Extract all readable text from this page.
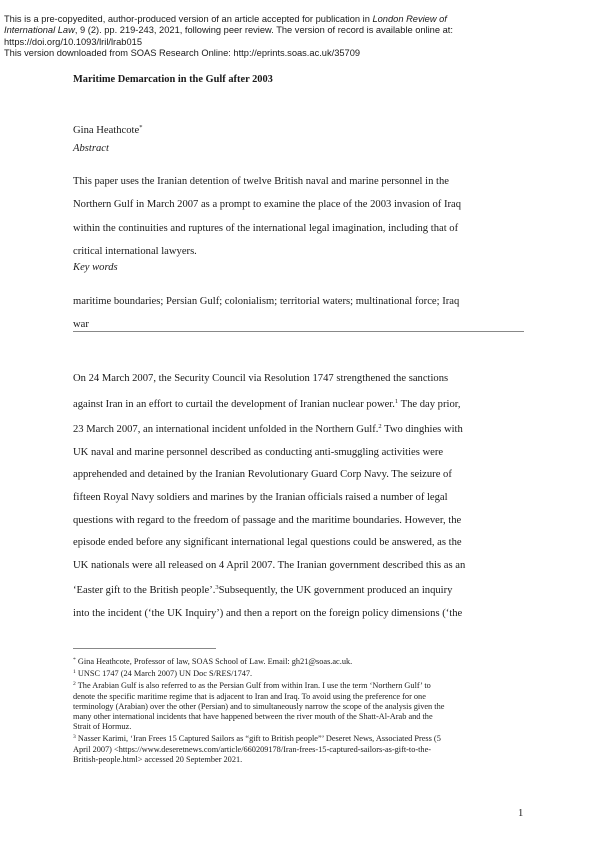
This is a pre-copyedited, author-produced version of an article accepted for publication in London Review of
International Law, 9 (2). pp. 219-243, 2021, following peer review. The version of record is available online at:
https://doi.org/10.1093/lril/lrab015
This version downloaded from SOAS Research Online: http://eprints.soas.ac.uk/35709
Maritime Demarcation in the Gulf after 2003
Gina Heathcote*
Abstract
This paper uses the Iranian detention of twelve British naval and marine personnel in the
Northern Gulf in March 2007 as a prompt to examine the place of the 2003 invasion of Iraq
within the continuities and ruptures of the international legal imagination, including that of
critical international lawyers.
Key words
maritime boundaries; Persian Gulf; colonialism; territorial waters; multinational force; Iraq
war
On 24 March 2007, the Security Council via Resolution 1747 strengthened the sanctions
against Iran in an effort to curtail the development of Iranian nuclear power.$^1$ The day prior,
23 March 2007, an international incident unfolded in the Northern Gulf.$^2$ Two dinghies with
UK naval and marine personnel described as conducting anti-smuggling activities were
apprehended and detained by the Iranian Revolutionary Guard Corp Navy. The seizure of
fifteen Royal Navy soldiers and marines by the Iranian officials raised a number of legal
questions with regard to the freedom of passage and the maritime boundaries. However, the
episode ended before any significant international legal questions could be answered, as the
UK nationals were all released on 4 April 2007. The Iranian government described this as an
‘Easter gift to the British people’.$^3$Subsequently, the UK government produced an inquiry
into the incident (‘the UK Inquiry’) and then a report on the foreign policy dimensions (‘the
* Gina Heathcote, Professor of law, SOAS School of Law. Email: gh21@soas.ac.uk.
$^1$ UNSC 1747 (24 March 2007) UN Doc S/RES/1747.
$^2$ The Arabian Gulf is also referred to as the Persian Gulf from within Iran. I use the term ‘Northern Gulf’ to
denote the specific maritime regime that is adjacent to Iran and Iraq. To avoid using the preference for one
terminology (Arabian) over the other (Persian) and to simultaneously narrow the scope of the analysis given the
many other international incidents that have happened between the river mouth of the Shatt-Al-Arab and the
Strait of Hormuz.
$^3$ Nasser Karimi, ‘Iran Frees 15 Captured Sailors as “gift to British people”’ Deseret News, Associated Press (5
April 2007) <https://www.deseretnews.com/article/660209178/Iran-frees-15-captured-sailors-as-gift-to-the-
British-people.html> accessed 20 September 2021.
1
